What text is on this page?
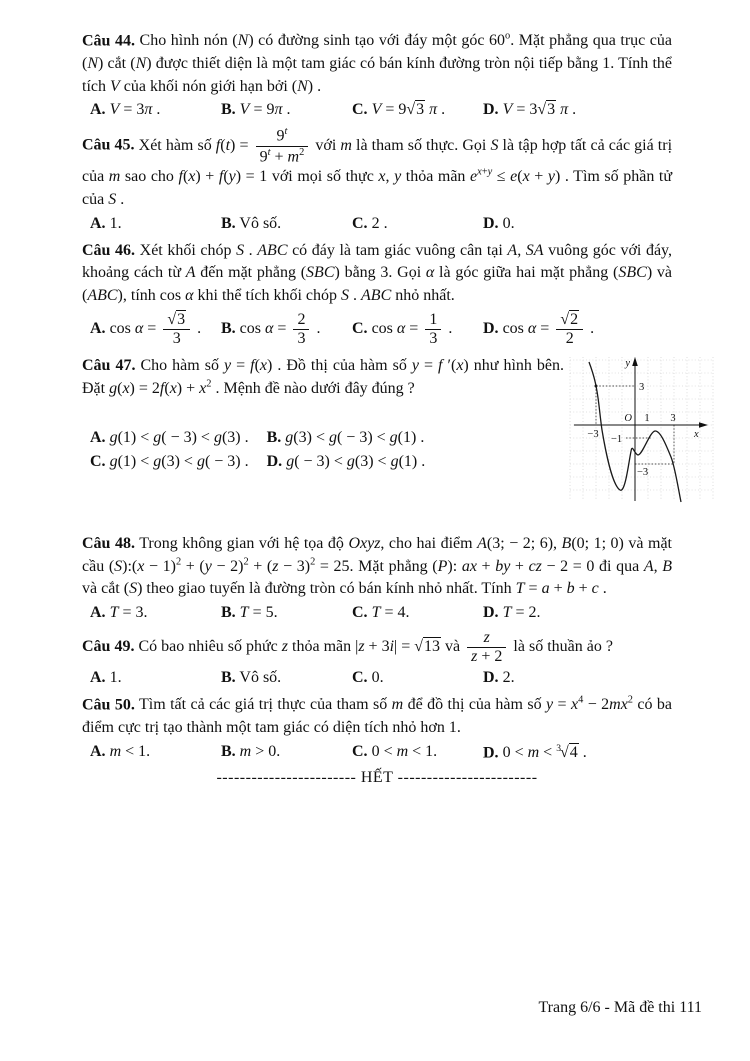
Câu 44. Cho hình nón (N) có đường sinh tạo với đáy một góc 60$^o$. Mặt phẳng qua trục của (N) cắt (N) được thiết diện là một tam giác có bán kính đường tròn nội tiếp bằng 1. Tính thể tích V của khối nón giới hạn bởi (N) .

A. V = 3π .	B. V = 9π .	C. V = 9√3 π .	D. V = 3√3 π .

Câu 45. Xét hàm số $f(t) = \frac{9^t}{9^t + m^2}$ với m là tham số thực. Gọi S là tập hợp tất cả các giá trị của m sao cho f(x) + f(y) = 1 với mọi số thực x, y thỏa mãn $e^{x+y} \le e(x + y)$ . Tìm số phần tử của S .

A. 1.	B. Vô số.	C. 2 .	D. 0.

Câu 46. Xét khối chóp S . ABC có đáy là tam giác vuông cân tại A, SA vuông góc với đáy, khoảng cách từ A đến mặt phẳng (SBC) bằng 3. Gọi α là góc giữa hai mặt phẳng (SBC) và (ABC), tính cos α khi thể tích khối chóp S . ABC nhỏ nhất.

A. $\cos \alpha = \frac{√3}{3}$ .	B. $\cos \alpha = \frac{2}{3}$ .	C. $\cos \alpha = \frac{1}{3}$ .	D. $\cos \alpha = \frac{√2}{2}$ .

Câu 47. Cho hàm số y = f(x) . Đồ thị của hàm số y = f ′(x) như hình bên. Đặt $g(x) = 2f(x) + x^2$ . Mệnh đề nào dưới đây đúng ?

A. g(1) < g( − 3) < g(3) . B. g(3) < g( − 3) < g(1) .
C. g(1) < g(3) < g( − 3) . D. g( − 3) < g(3) < g(1) .
y
x
O 1 3
−3
3
−1
−3

Câu 48. Trong không gian với hệ tọa độ Oxyz, cho hai điểm A(3; − 2; 6), B(0; 1; 0) và mặt cầu (S):(x − $1)^2 + (y - 2)^2 + (z - 3)^2 = 25$. Mặt phẳng (P): ax + by + cz − 2 = 0 đi qua A, B và cắt (S) theo giao tuyến là đường tròn có bán kính nhỏ nhất. Tính T = a + b + c .

A. T = 3.	B. T = 5.	C. T = 4.	D. T = 2.

Câu 49. Có bao nhiêu số phức z thỏa mãn |z + 3i| = √13 và $\frac{z}{z + 2}$ là số thuần ảo ?

A. 1.	B. Vô số.	C. 0.	D. 2.

Câu 50. Tìm tất cả các giá trị thực của tham số m để đồ thị của hàm số $y = x^4 - 2mx^2$ có ba điểm cực trị tạo thành một tam giác có diện tích nhỏ hơn 1.

A. m < 1.	B. m > 0.	C. 0 < m < 1.	D. 0 < m < $^3$√4 .

------------------------ HẾT ------------------------

Trang 6/6 - Mã đề thi 111
